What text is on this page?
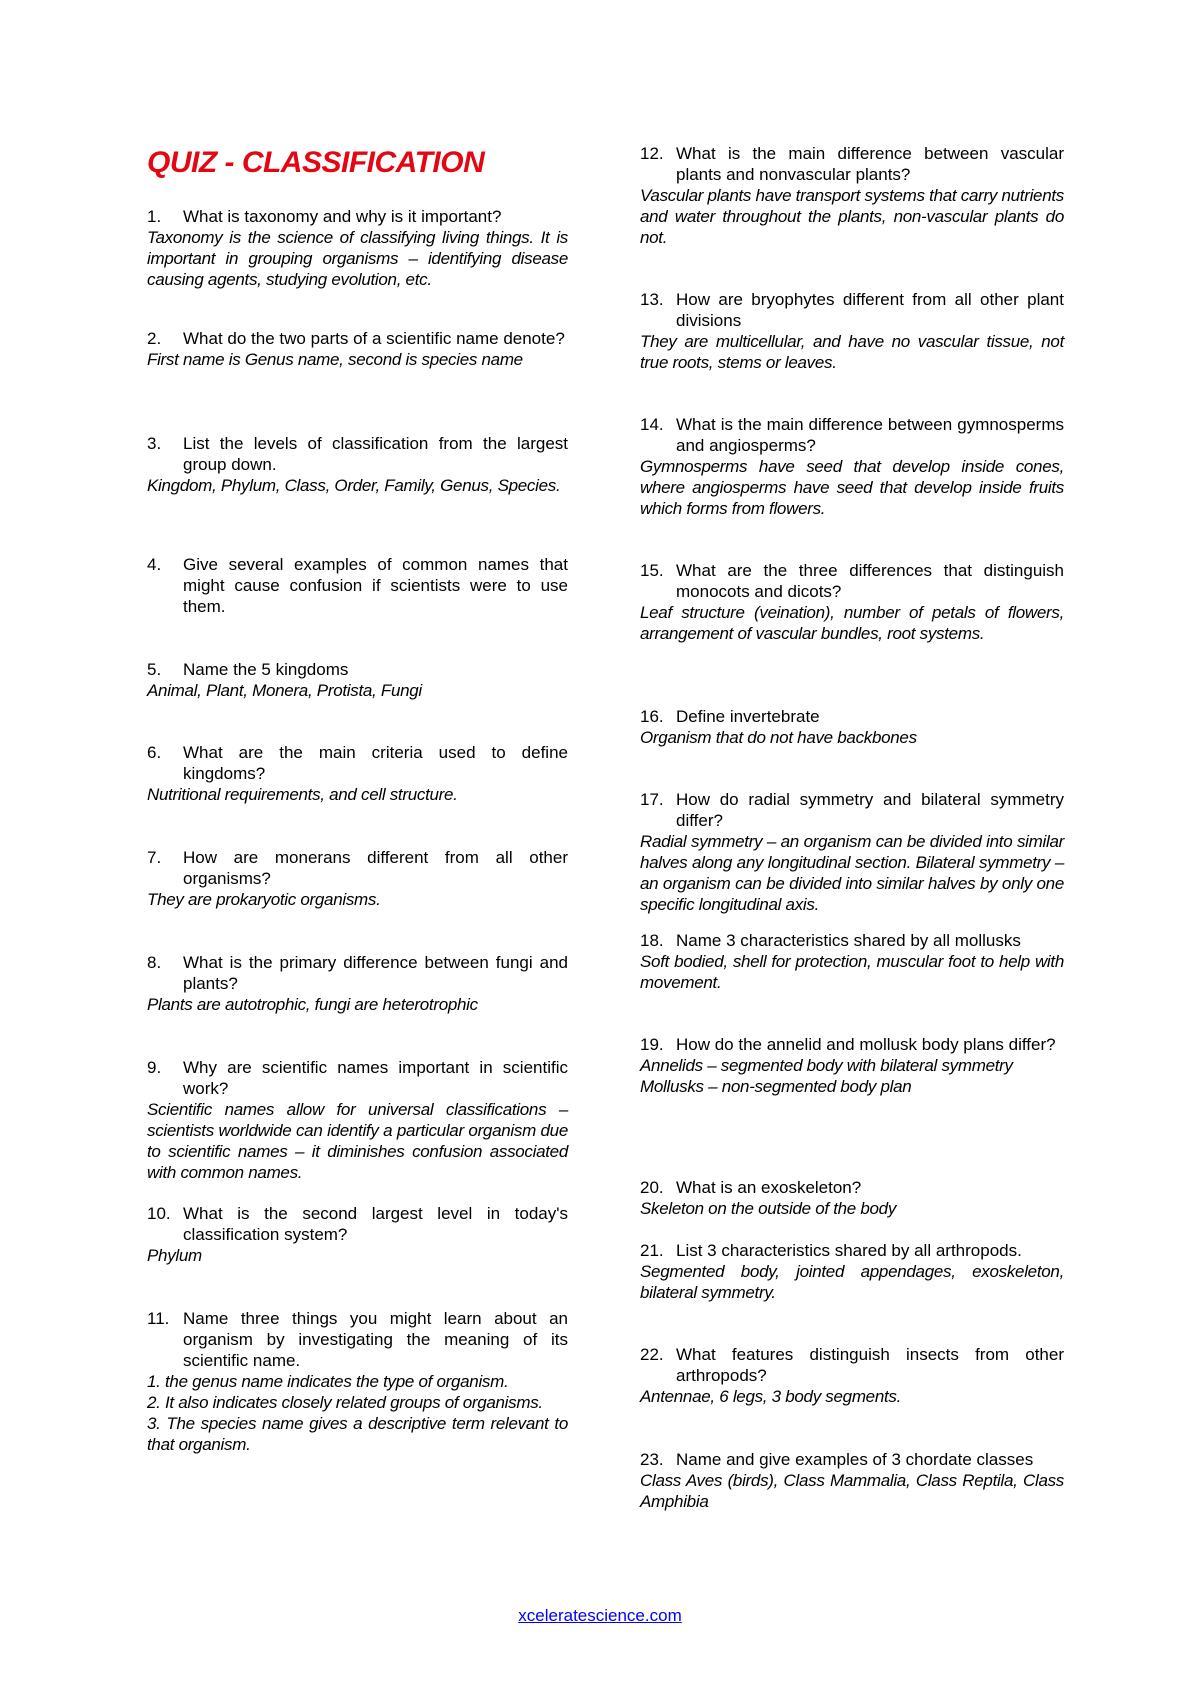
QUIZ - CLASSIFICATION
1.	What is taxonomy and why is it important?
Taxonomy is the science of classifying living things. It is important in grouping organisms – identifying disease causing agents, studying evolution, etc.
2.	What do the two parts of a scientific name denote?
First name is Genus name, second is species name
3.	List the levels of classification from the largest group down.
Kingdom, Phylum, Class, Order, Family, Genus, Species.
4.	Give several examples of common names that might cause confusion if scientists were to use them.
5.	Name the 5 kingdoms
Animal, Plant, Monera, Protista, Fungi
6.	What are the main criteria used to define kingdoms?
Nutritional requirements, and cell structure.
7.	How are monerans different from all other organisms?
They are prokaryotic organisms.
8.	What is the primary difference between fungi and plants?
Plants are autotrophic, fungi are heterotrophic
9.	Why are scientific names important in scientific work?
Scientific names allow for universal classifications – scientists worldwide can identify a particular organism due to scientific names – it diminishes confusion associated with common names.
10. What is the second largest level in today's classification system?
Phylum
11. Name three things you might learn about an organism by investigating the meaning of its scientific name.
1. the genus name indicates the type of organism.
2. It also indicates closely related groups of organisms.
3. The species name gives a descriptive term relevant to that organism.
12. What is the main difference between vascular plants and nonvascular plants?
Vascular plants have transport systems that carry nutrients and water throughout the plants, non-vascular plants do not.
13. How are bryophytes different from all other plant divisions
They are multicellular, and have no vascular tissue, not true roots, stems or leaves.
14. What is the main difference between gymnosperms and angiosperms?
Gymnosperms have seed that develop inside cones, where angiosperms have seed that develop inside fruits which forms from flowers.
15. What are the three differences that distinguish monocots and dicots?
Leaf structure (veination), number of petals of flowers, arrangement of vascular bundles, root systems.
16. Define invertebrate
Organism that do not have backbones
17. How do radial symmetry and bilateral symmetry differ?
Radial symmetry – an organism can be divided into similar halves along any longitudinal section. Bilateral symmetry – an organism can be divided into similar halves by only one specific longitudinal axis.
18. Name 3 characteristics shared by all mollusks
Soft bodied, shell for protection, muscular foot to help with movement.
19. How do the annelid and mollusk body plans differ?
Annelids – segmented body with bilateral symmetry
Mollusks – non-segmented body plan
20. What is an exoskeleton?
Skeleton on the outside of the body
21. List 3 characteristics shared by all arthropods.
Segmented body, jointed appendages, exoskeleton, bilateral symmetry.
22. What features distinguish insects from other arthropods?
Antennae, 6 legs, 3 body segments.
23. Name and give examples of 3 chordate classes
Class Aves (birds), Class Mammalia, Class Reptila, Class Amphibia
xceleratescience.com
